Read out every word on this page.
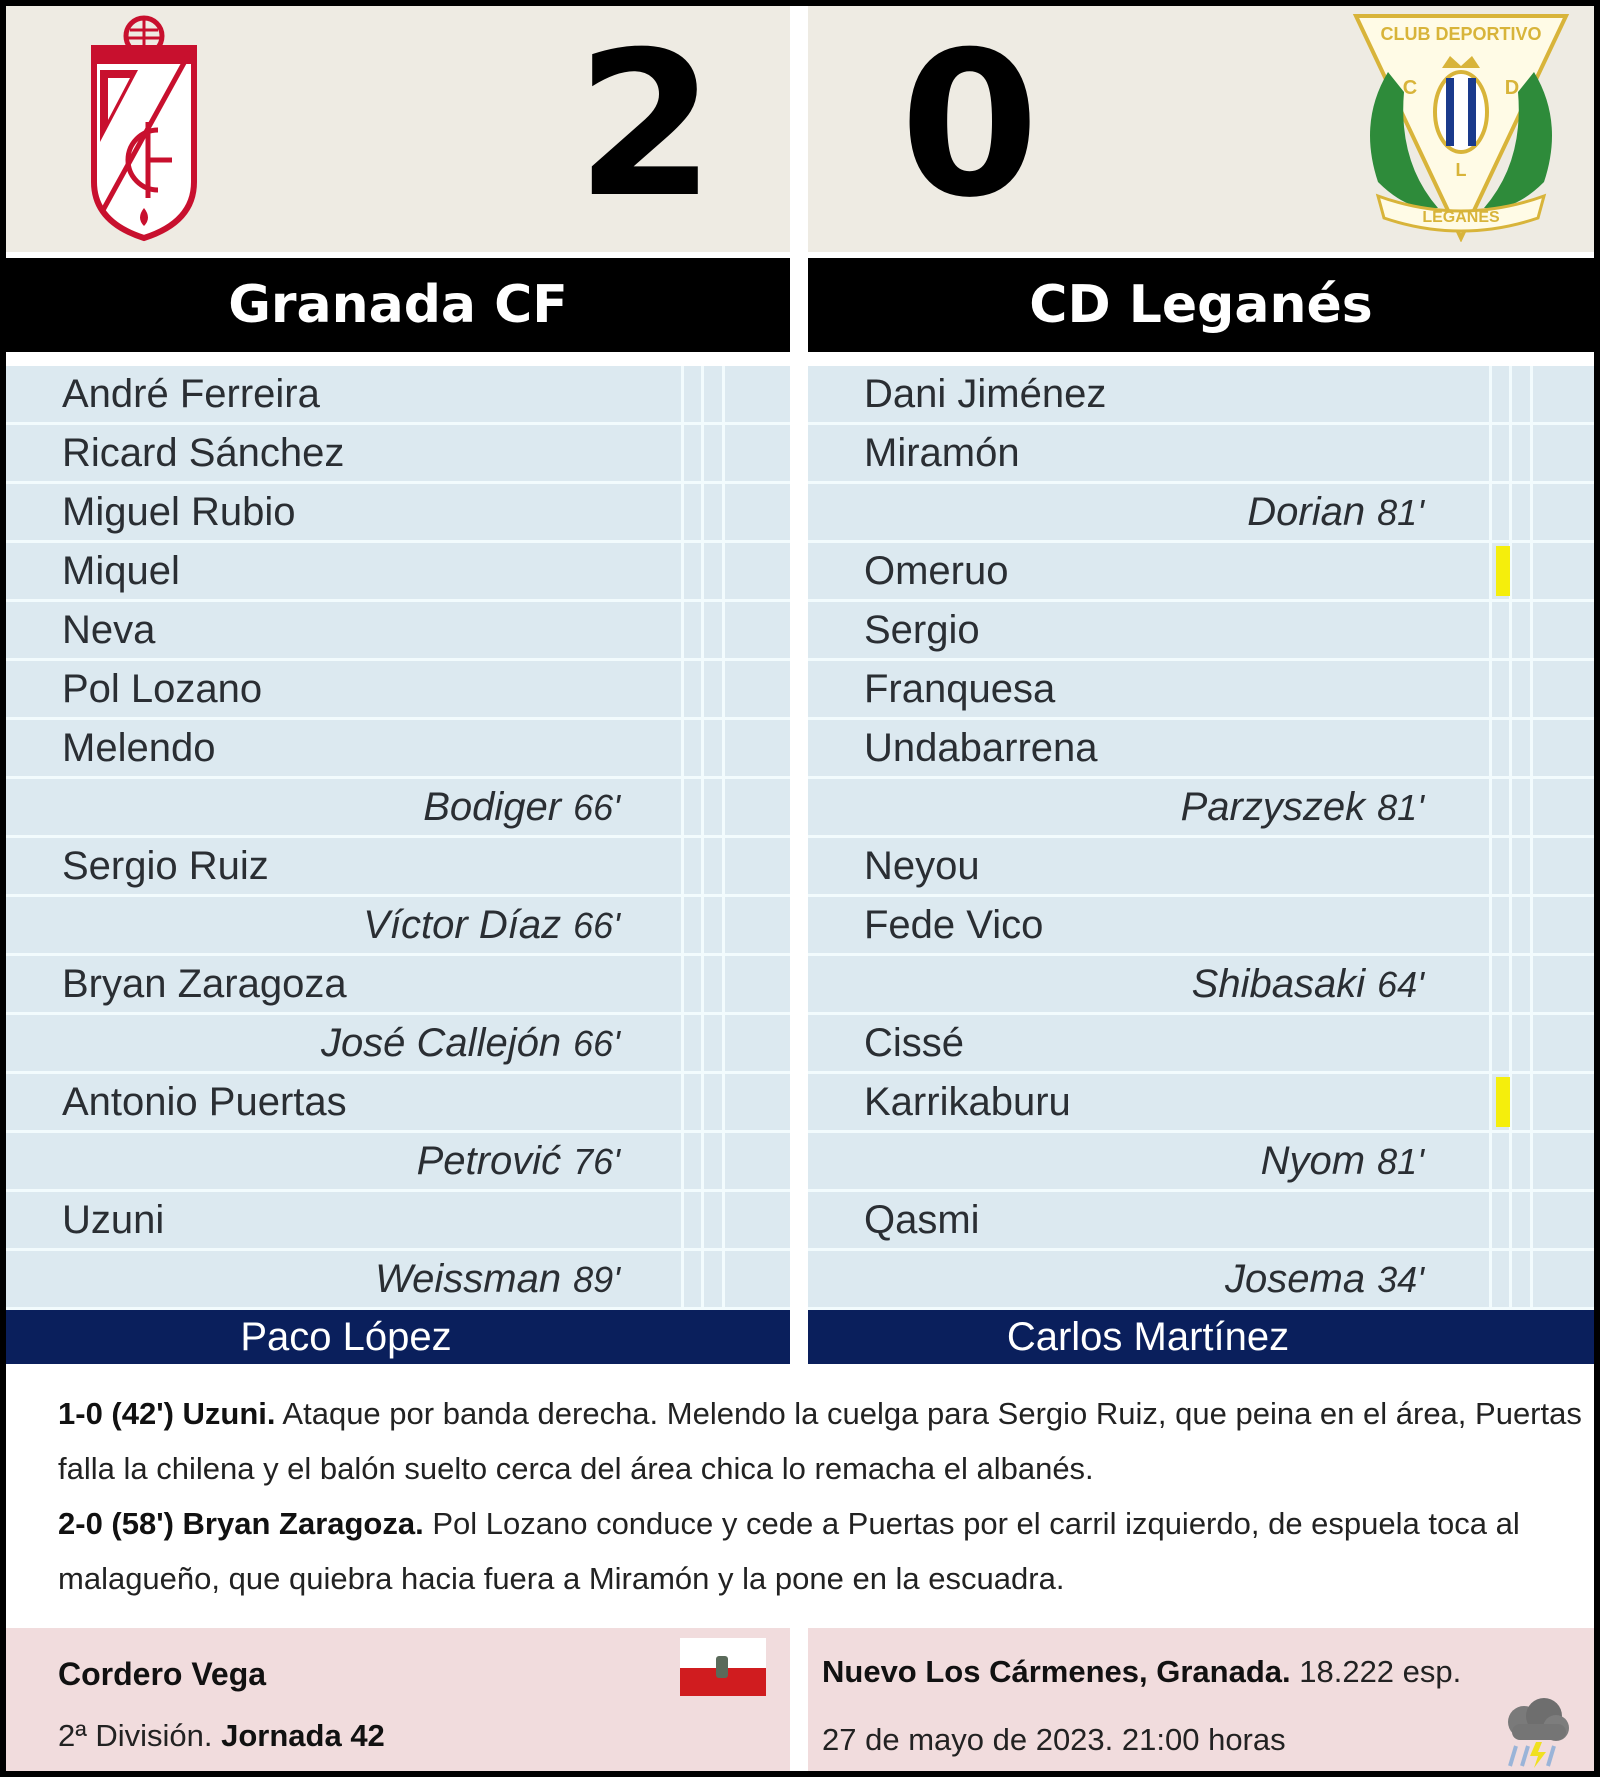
2 0	CLUB DEPORTIVO
C	D
L
LEGANES
Granada CF	CD Leganés
André Ferreira
Ricard Sánchez
Miguel Rubio
Miquel
Neva
Pol Lozano
Melendo
Bodiger 66'
Sergio Ruiz
Víctor Díaz 66'
Bryan Zaragoza
José Callejón 66'
Antonio Puertas
Petrović 76'
Uzuni
Weissman 89'
Paco López
Dani Jiménez
Miramón
Dorian 81'
Omeruo
Sergio
Franquesa
Undabarrena
Parzyszek 81'
Neyou
Fede Vico
Shibasaki 64'
Cissé
Karrikaburu
Nyom 81'
Qasmi
Josema 34'
Carlos Martínez
1-0 (42') Uzuni. Ataque por banda derecha. Melendo la cuelga para Sergio Ruiz, que peina en el área, Puertas falla la chilena y el balón suelto cerca del área chica lo remacha el albanés.
2-0 (58') Bryan Zaragoza. Pol Lozano conduce y cede a Puertas por el carril izquierdo, de espuela toca al malagueño, que quiebra hacia fuera a Miramón y la pone en la escuadra.
Cordero Vega
2ª División. Jornada 42
Nuevo Los Cármenes, Granada. 18.222 esp.
27 de mayo de 2023. 21:00 horas
